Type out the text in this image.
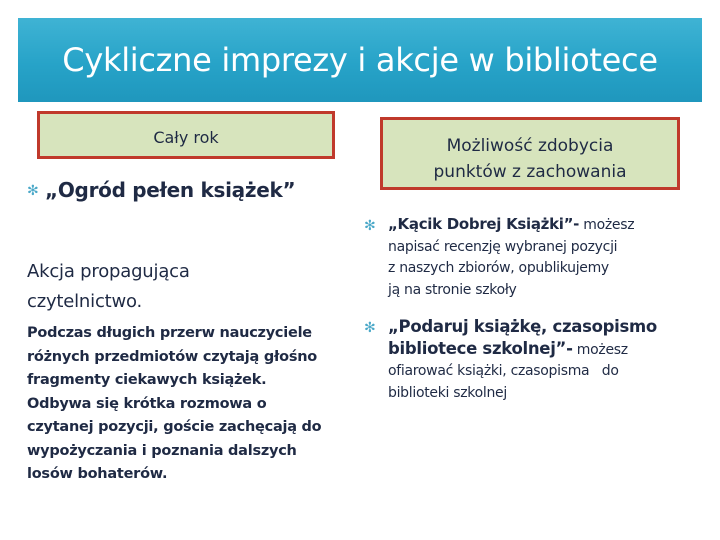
Cykliczne imprezy i akcje w bibliotece
Cały rok	Możliwość zdobycia
punktów z zachowania
✻ „Ogród pełen książek”
Akcja propagująca
czytelnictwo.
Podczas długich przerw nauczyciele
różnych przedmiotów czytają głośno
fragmenty ciekawych książek.
Odbywa się krótka rozmowa o
czytanej pozycji, goście zachęcają do
wypożyczania i poznania dalszych
losów bohaterów.
✻ „Kącik Dobrej Książki”- możesz
napisać recenzję wybranej pozycji
z naszych zbiorów, opublikujemy
ją na stronie szkoły
✻ „Podaruj książkę, czasopismo
bibliotece szkolnej”- możesz
ofiarować książki, czasopisma   do
biblioteki szkolnej
